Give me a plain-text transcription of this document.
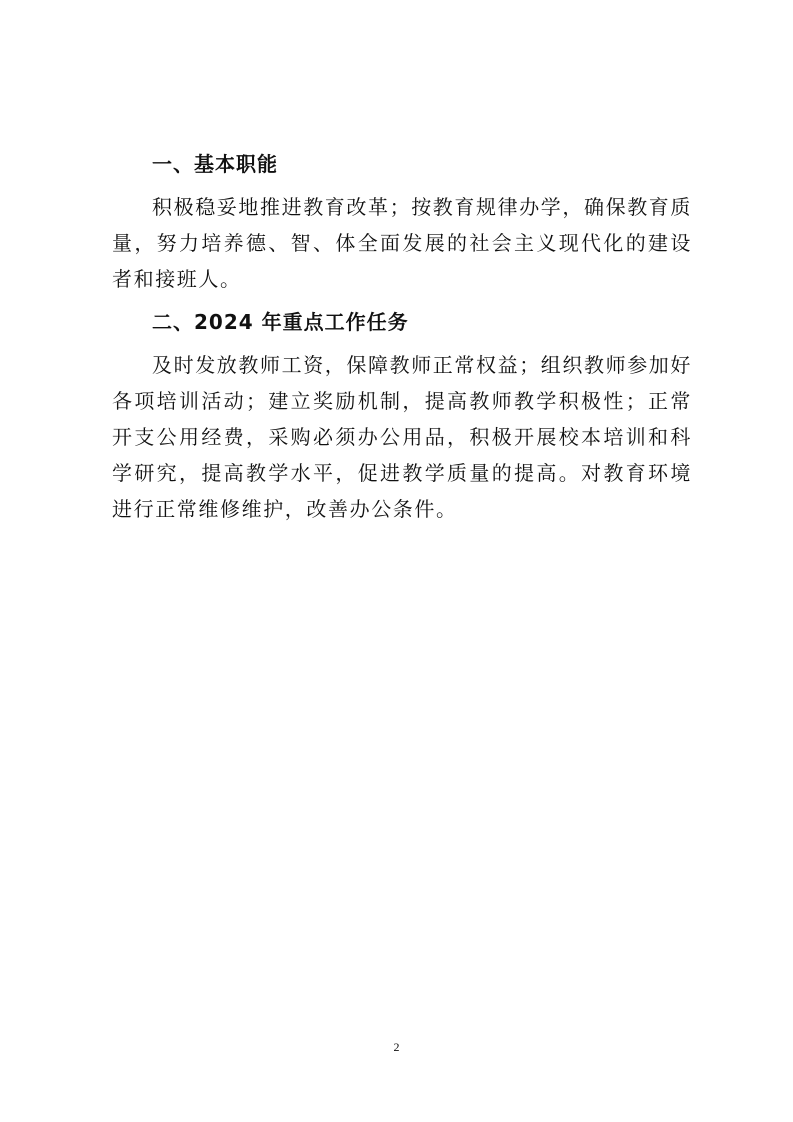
一、基本职能

积极稳妥地推进教育改革；按教育规律办学，确保教育质量，努力培养德、智、体全面发展的社会主义现代化的建设者和接班人。

二、2024 年重点工作任务

及时发放教师工资，保障教师正常权益；组织教师参加好各项培训活动；建立奖励机制，提高教师教学积极性；正常开支公用经费，采购必须办公用品，积极开展校本培训和科学研究，提高教学水平，促进教学质量的提高。对教育环境进行正常维修维护，改善办公条件。

2
